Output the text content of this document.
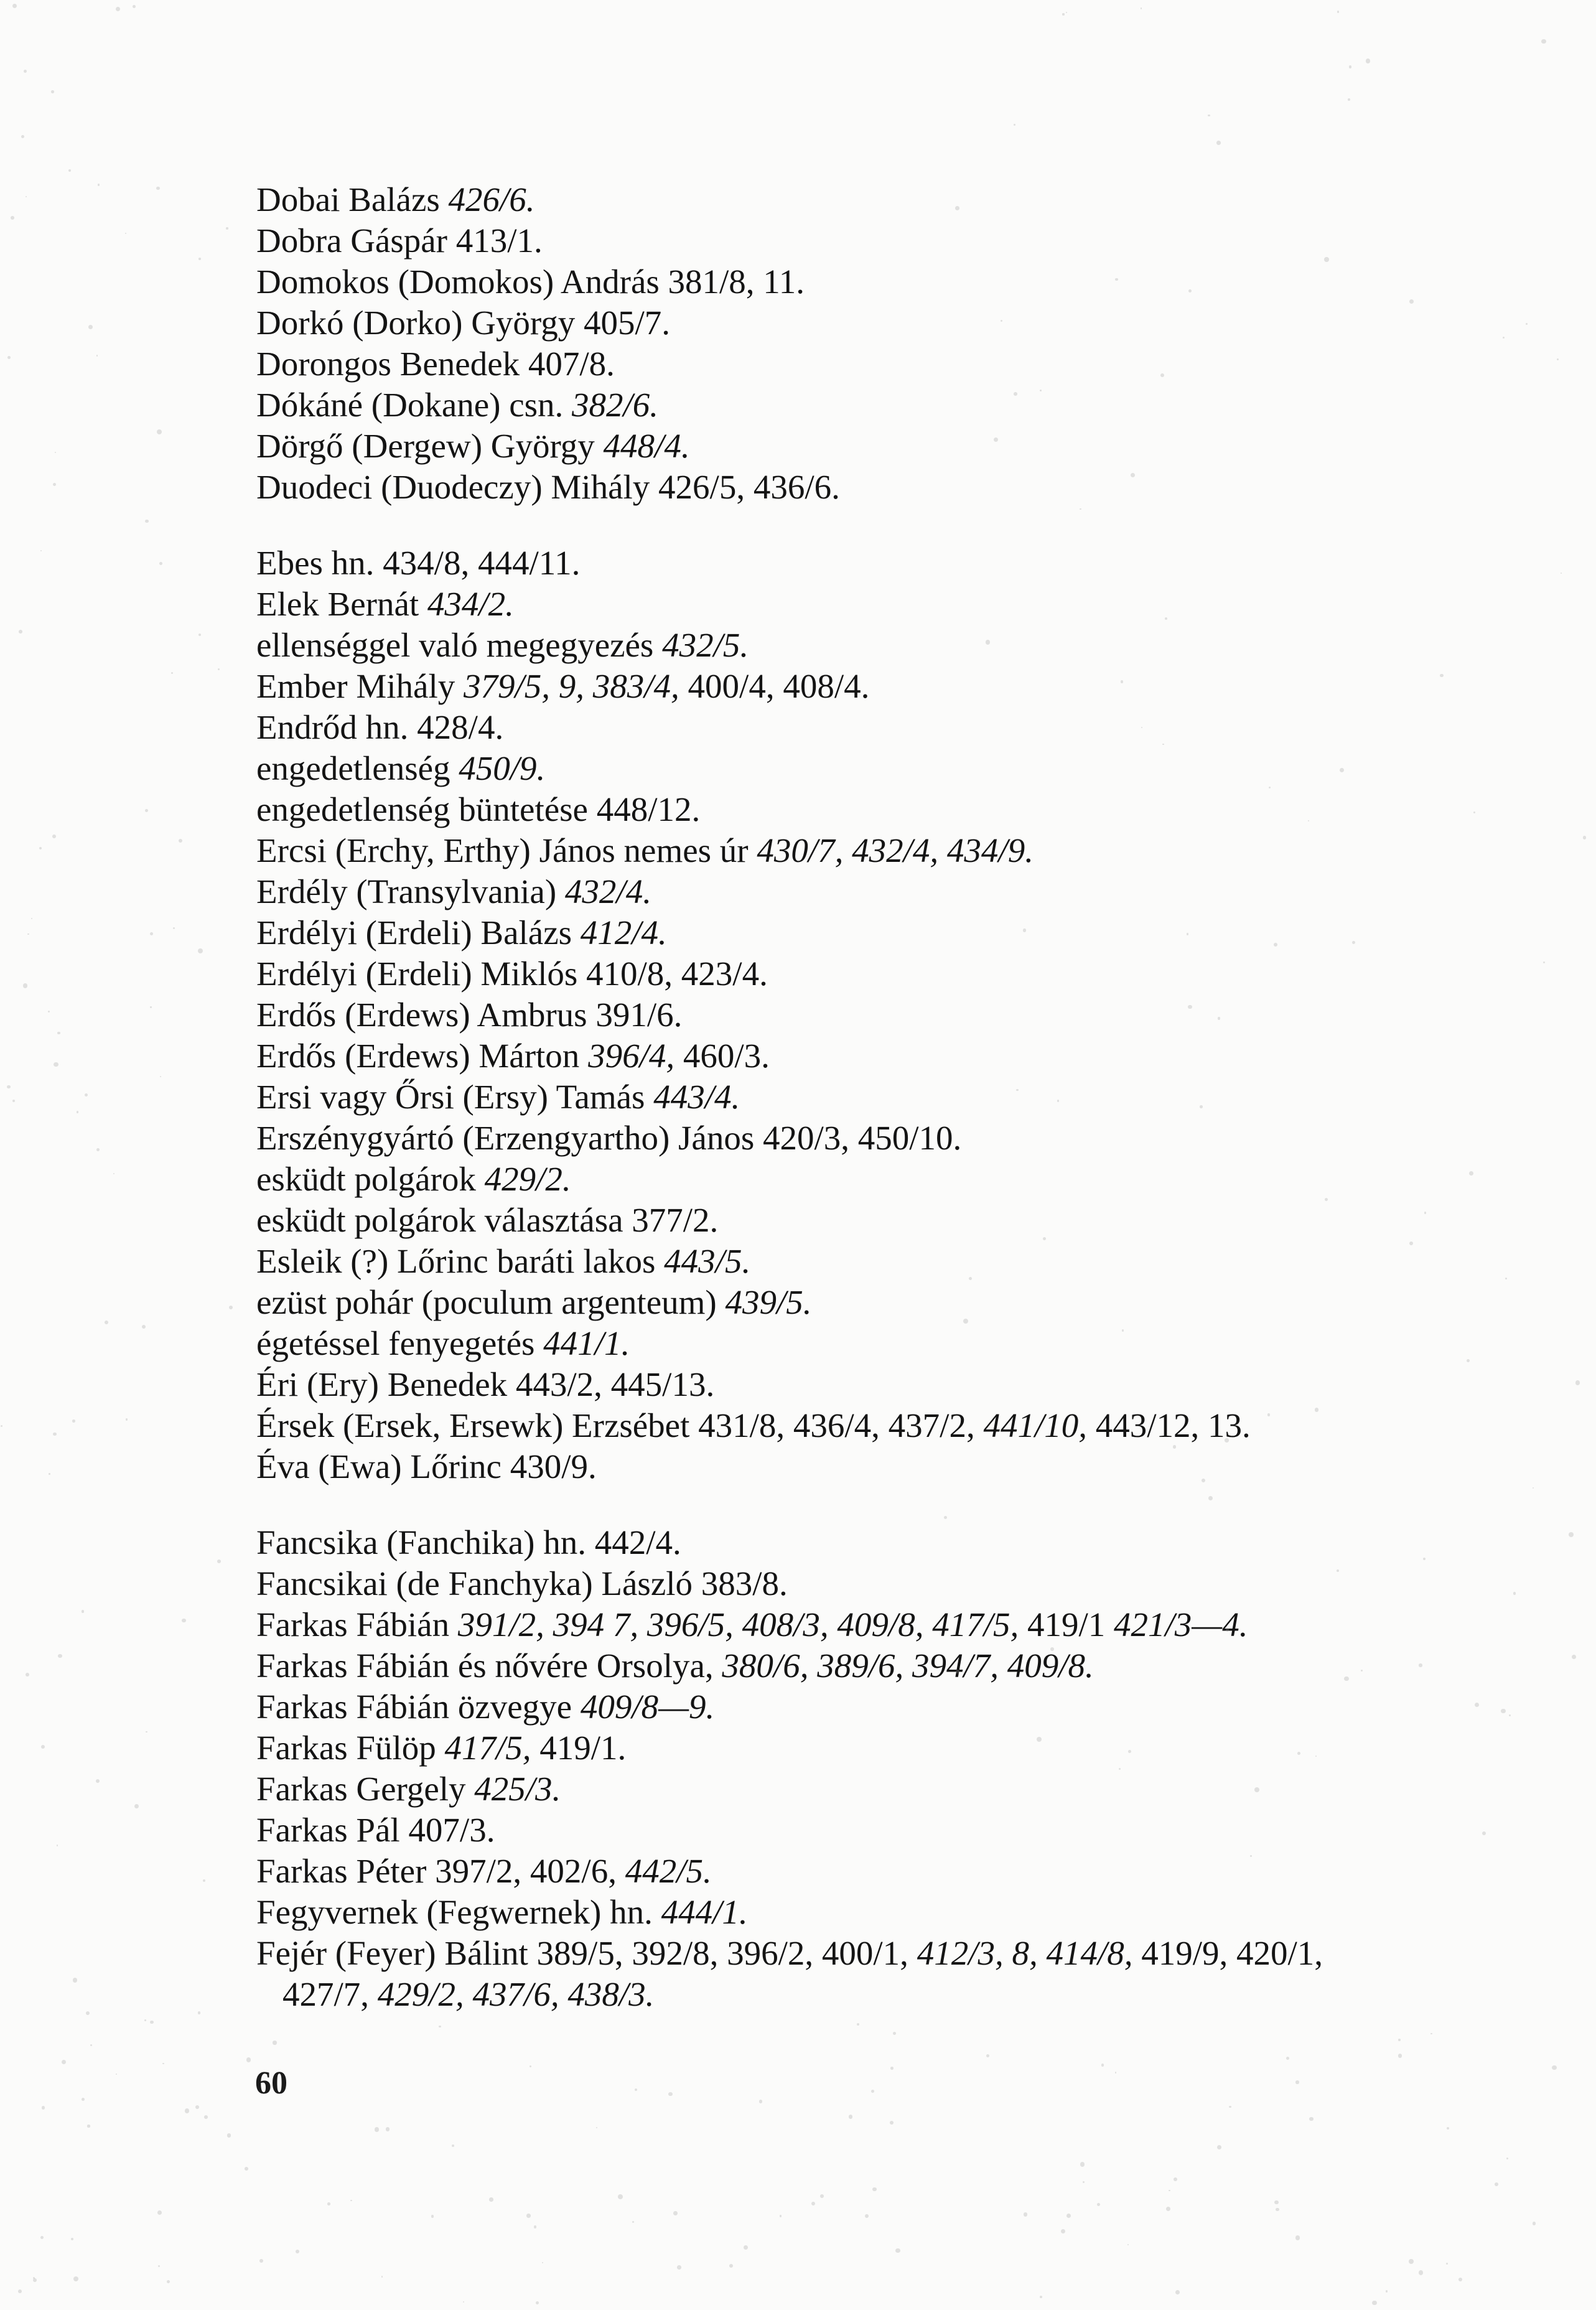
Dobai Balázs 426/6.
Dobra Gáspár 413/1.
Domokos (Domokos) András 381/8, 11.
Dorkó (Dorko) György 405/7.
Dorongos Benedek 407/8.
Dókáné (Dokane) csn. 382/6.
Dörgő (Dergew) György 448/4.
Duodeci (Duodeczy) Mihály 426/5, 436/6.
Ebes hn. 434/8, 444/11.
Elek Bernát 434/2.
ellenséggel való megegyezés 432/5.
Ember Mihály 379/5, 9, 383/4, 400/4, 408/4.
Endrőd hn. 428/4.
engedetlenség 450/9.
engedetlenség büntetése 448/12.
Ercsi (Erchy, Erthy) János nemes úr 430/7, 432/4, 434/9.
Erdély (Transylvania) 432/4.
Erdélyi (Erdeli) Balázs 412/4.
Erdélyi (Erdeli) Miklós 410/8, 423/4.
Erdős (Erdews) Ambrus 391/6.
Erdős (Erdews) Márton 396/4, 460/3.
Ersi vagy Őrsi (Ersy) Tamás 443/4.
Erszénygyártó (Erzengyartho) János 420/3, 450/10.
esküdt polgárok 429/2.
esküdt polgárok választása 377/2.
Esleik (?) Lőrinc baráti lakos 443/5.
ezüst pohár (poculum argenteum) 439/5.
égetéssel fenyegetés 441/1.
Éri (Ery) Benedek 443/2, 445/13.
Érsek (Ersek, Ersewk) Erzsébet 431/8, 436/4, 437/2, 441/10, 443/12, 13.
Éva (Ewa) Lőrinc 430/9.
Fancsika (Fanchika) hn. 442/4.
Fancsikai (de Fanchyka) László 383/8.
Farkas Fábián 391/2, 394 7, 396/5, 408/3, 409/8, 417/5, 419/1 421/3—4.
Farkas Fábián és nővére Orsolya, 380/6, 389/6, 394/7, 409/8.
Farkas Fábián özvegye 409/8—9.
Farkas Fülöp 417/5, 419/1.
Farkas Gergely 425/3.
Farkas Pál 407/3.
Farkas Péter 397/2, 402/6, 442/5.
Fegyvernek (Fegwernek) hn. 444/1.
Fejér (Feyer) Bálint 389/5, 392/8, 396/2, 400/1, 412/3, 8, 414/8, 419/9, 420/1,
427/7, 429/2, 437/6, 438/3.
60
